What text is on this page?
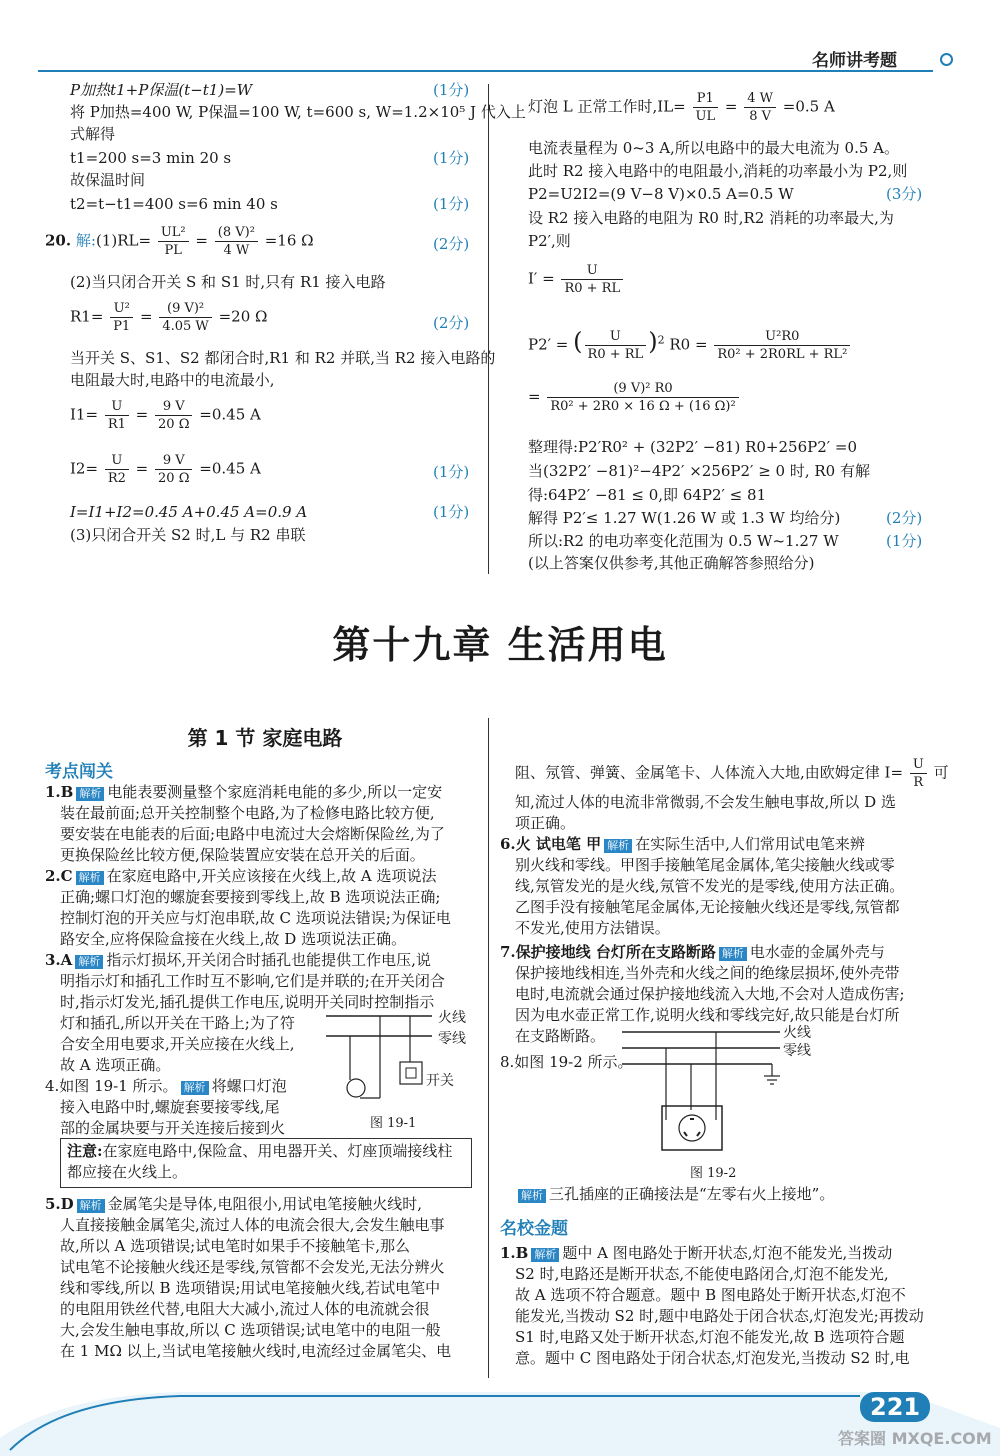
名师讲考题
P加热t1+P保温(t−t1)=W	(1分)
将 P加热=400 W, P保温=100 W, t=600 s, W=1.2×10⁵ J 代入上
式解得
t1=200 s=3 min 20 s	(1分)
故保温时间
t2=t−t1=400 s=6 min 40 s	(1分)
20. 解:(1)RL= $\frac{\text{UL²}}{PL} = \frac{\text{(8 V)²}}{4 W} =16$ Ω	(2分)
(2)当只闭合开关 S 和 S1 时,只有 R1 接入电路
$R1= \frac{\text{U²}}{P1} = \frac{\text{(9 V)²}}{4.05 W} =20$ Ω	(2分)
当开关 S、S1、S2 都闭合时,R1 和 R2 并联,当 R2 接入电路的
电阻最大时,电路中的电流最小,
$I1= \frac{U}{R1} = \frac{9 V}{20 \Omega} =0.45$ A
$I2= \frac{U}{R2} = \frac{9 V}{20 \Omega} =0.45$ A	(1分)
I=I1+I2=0.45 A+0.45 A=0.9 A	(1分)
(3)只闭合开关 S2 时,L 与 R2 串联
灯泡 L 正常工作时$,IL= \frac{P1}{UL} = \frac{4 W}{8 V} =0.5$ A
电流表量程为 0~3 A,所以电路中的最大电流为 0.5 A。
此时 R2 接入电路中的电阻最小,消耗的功率最小为 P2,则
P2=U2I2=(9 V−8 V)×0.5 A=0.5 W	(3分)
设 R2 接入电路的电阻为 R0 时,R2 消耗的功率最大,为
P2′,则
$I' = \frac{U}{R0 + RL}$
P2′ = ( $\frac{U}{R0 + RL} )^2$ $R0 = \frac{\text{U²R0}}{\text{R0² + 2R0RL + RL²}}$
= $\frac{\text{(9 V)² R0}}{\text{R0² + 2R0 × 16 Ω + (16 Ω)²}}$
整理得:P2′R0² + (32P2′ −81) R0+256P2′ =0
当(32P2′ −81)²−4P2′ ×256P2′ ≥ 0 时, R0 有解
得:64P2′ −81 ≤ 0,即 64P2′ ≤ 81
解得 P2′≤ 1.27 W(1.26 W 或 1.3 W 均给分)	(2分)
所以:R2 的电功率变化范围为 0.5 W~1.27 W	(1分)
(以上答案仅供参考,其他正确解答参照给分)
第十九章 生活用电
第 1 节 家庭电路
考点闯关
1.B 解析 电能表要测量整个家庭消耗电能的多少,所以一定安
装在最前面;总开关控制整个电路,为了检修电路比较方便,
要安装在电能表的后面;电路中电流过大会熔断保险丝,为了
更换保险丝比较方便,保险装置应安装在总开关的后面。
2.C 解析 在家庭电路中,开关应该接在火线上,故 A 选项说法
正确;螺口灯泡的螺旋套要接到零线上,故 B 选项说法正确;
控制灯泡的开关应与灯泡串联,故 C 选项说法错误;为保证电
路安全,应将保险盒接在火线上,故 D 选项说法正确。
3.A 解析 指示灯损坏,开关闭合时插孔也能提供工作电压,说
明指示灯和插孔工作时互不影响,它们是并联的;在开关闭合
时,指示灯发光,插孔提供工作电压,说明开关同时控制指示
灯和插孔,所以开关在干路上;为了符
合安全用电要求,开关应接在火线上,
故 A 选项正确。
4.如图 19-1 所示。 解析 将螺口灯泡
接入电路中时,螺旋套要接零线,尾
部的金属块要与开关连接后接到火
火线
零线
开关
图 19-1
注意:在家庭电路中,保险盒、用电器开关、灯座顶端接线柱都应接在火线上。
5.D 解析 金属笔尖是导体,电阻很小,用试电笔接触火线时,
人直接接触金属笔尖,流过人体的电流会很大,会发生触电事
故,所以 A 选项错误;试电笔时如果手不接触笔卡,那么
试电笔不论接触火线还是零线,氖管都不会发光,无法分辨火
线和零线,所以 B 选项错误;用试电笔接触火线,若试电笔中
的电阻用铁丝代替,电阻大大减小,流过人体的电流就会很
大,会发生触电事故,所以 C 选项错误;试电笔中的电阻一般
在 1 MΩ 以上,当试电笔接触火线时,电流经过金属笔尖、电
阻、氖管、弹簧、金属笔卡、人体流入大地,由欧姆定律 $I= \frac{U}{R}$ 可
知,流过人体的电流非常微弱,不会发生触电事故,所以 D 选
项正确。
6.火 试电笔 甲 解析 在实际生活中,人们常用试电笔来辨
别火线和零线。甲图手接触笔尾金属体,笔尖接触火线或零
线,氖管发光的是火线,氖管不发光的是零线,使用方法正确。
乙图手没有接触笔尾金属体,无论接触火线还是零线,氖管都
不发光,使用方法错误。
7.保护接地线 台灯所在支路断路 解析 电水壶的金属外壳与
保护接地线相连,当外壳和火线之间的绝缘层损坏,使外壳带
电时,电流就会通过保护接地线流入大地,不会对人造成伤害;
因为电水壶正常工作,说明火线和零线完好,故只能是台灯所
在支路断路。
8.如图 19-2 所示。
火线
零线
图 19-2
解析 三孔插座的正确接法是“左零右火上接地”。
名校金题
1.B 解析 题中 A 图电路处于断开状态,灯泡不能发光,当拨动
S2 时,电路还是断开状态,不能使电路闭合,灯泡不能发光,
故 A 选项不符合题意。题中 B 图电路处于断开状态,灯泡不
能发光,当拨动 S2 时,题中电路处于闭合状态,灯泡发光;再拨动
S1 时,电路又处于断开状态,灯泡不能发光,故 B 选项符合题
意。题中 C 图电路处于闭合状态,灯泡发光,当拨动 S2 时,电
221
答案圈 MXQE.COM
